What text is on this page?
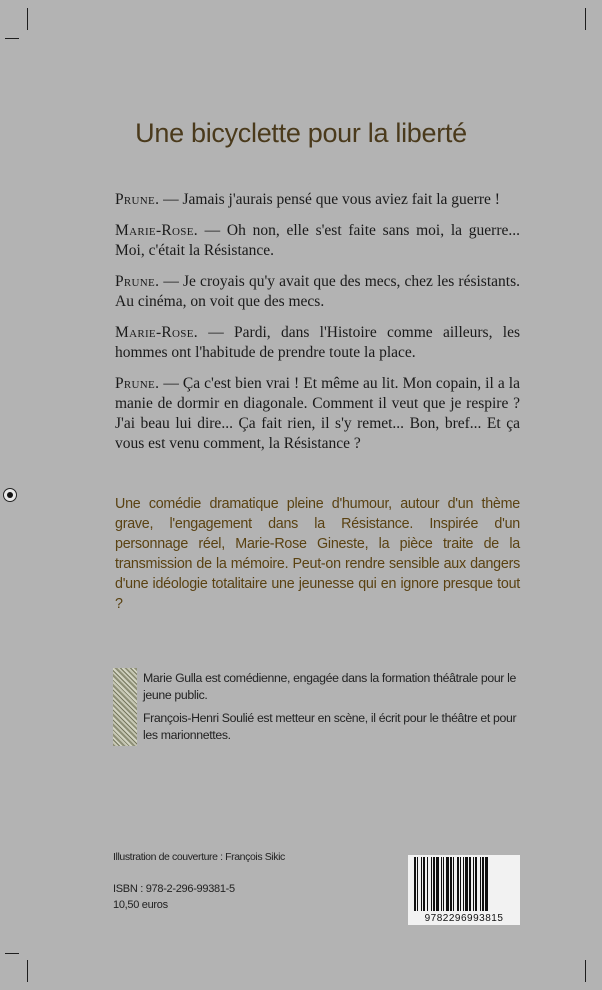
Une bicyclette pour la liberté

Prune. — Jamais j'aurais pensé que vous aviez fait la guerre !

Marie-Rose. — Oh non, elle s'est faite sans moi, la guerre... Moi, c'était la Résistance.

Prune. — Je croyais qu'y avait que des mecs, chez les résistants. Au cinéma, on voit que des mecs.

Marie-Rose. — Pardi, dans l'Histoire comme ailleurs, les hommes ont l'habitude de prendre toute la place.

Prune. — Ça c'est bien vrai ! Et même au lit. Mon copain, il a la manie de dormir en diagonale. Comment il veut que je respire ? J'ai beau lui dire... Ça fait rien, il s'y remet... Bon, bref... Et ça vous est venu comment, la Résistance ?

Une comédie dramatique pleine d'humour, autour d'un thème grave, l'engagement dans la Résistance. Inspirée d'un personnage réel, Marie-Rose Gineste, la pièce traite de la transmission de la mémoire. Peut-on rendre sensible aux dangers d'une idéologie totalitaire une jeunesse qui en ignore presque tout ?

Marie Gulla est comédienne, engagée dans la formation théâtrale pour le jeune public.

François-Henri Soulié est metteur en scène, il écrit pour le théâtre et pour les marionnettes.

Illustration de couverture : François Sikic
ISBN : 978-2-296-99381-5
10,50 euros
9782296993815
